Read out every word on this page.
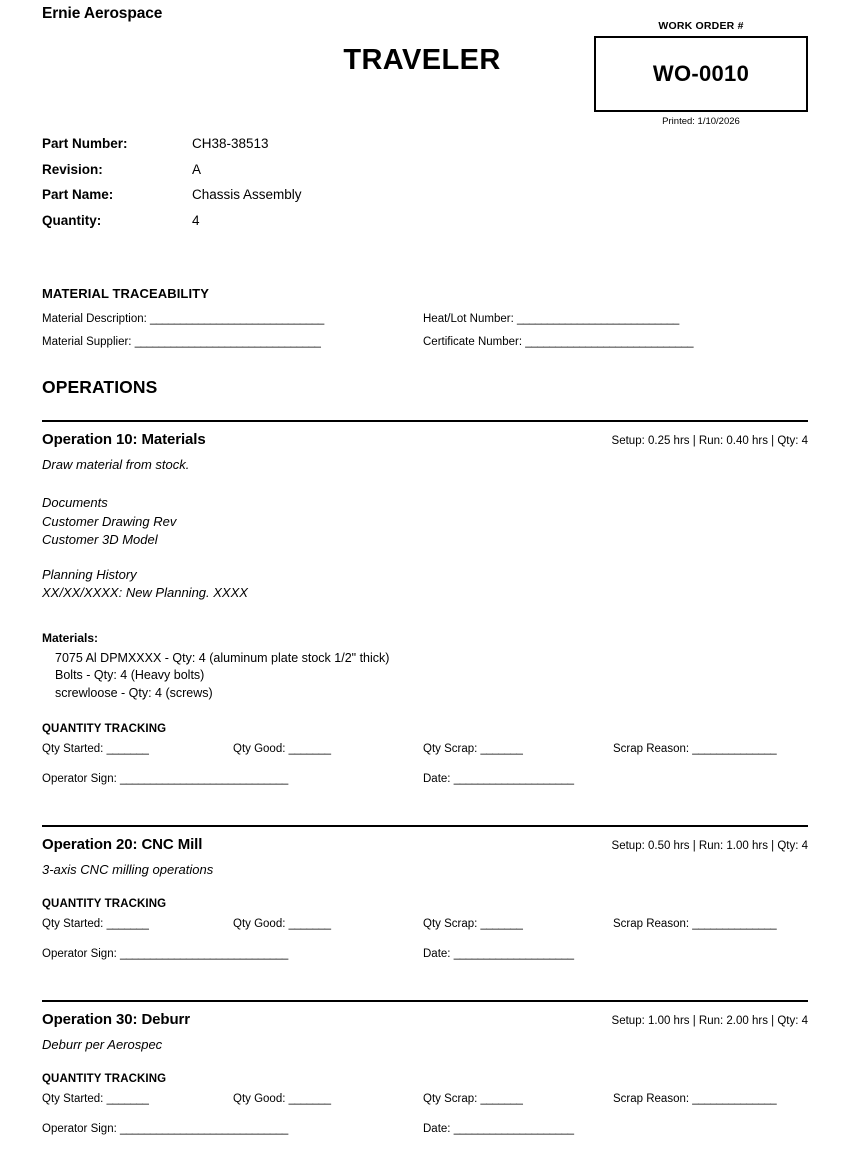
Ernie Aerospace
TRAVELER
WORK ORDER #
WO-0010
Printed: 1/10/2026
Part Number:	CH38-38513
Revision:	A
Part Name:	Chassis Assembly
Quantity:	4
MATERIAL TRACEABILITY
Material Description: _____________________________	Heat/Lot Number: ___________________________
Material Supplier: _______________________________	Certificate Number: ____________________________
OPERATIONS
Operation 10: Materials	Setup: 0.25 hrs | Run: 0.40 hrs | Qty: 4
Draw material from stock.
Documents
Customer Drawing Rev
Customer 3D Model
Planning History
XX/XX/XXXX: New Planning. XXXX
Materials:
7075 Al DPMXXXX - Qty: 4 (aluminum plate stock 1/2" thick)
Bolts - Qty: 4 (Heavy bolts)
screwloose - Qty: 4 (screws)
QUANTITY TRACKING
Qty Started: _______	Qty Good: _______	Qty Scrap: _______	Scrap Reason: ______________
Operator Sign: ____________________________	Date: ____________________
Operation 20: CNC Mill	Setup: 0.50 hrs | Run: 1.00 hrs | Qty: 4
3-axis CNC milling operations
QUANTITY TRACKING
Qty Started: _______	Qty Good: _______	Qty Scrap: _______	Scrap Reason: ______________
Operator Sign: ____________________________	Date: ____________________
Operation 30: Deburr	Setup: 1.00 hrs | Run: 2.00 hrs | Qty: 4
Deburr per Aerospec
QUANTITY TRACKING
Qty Started: _______	Qty Good: _______	Qty Scrap: _______	Scrap Reason: ______________
Operator Sign: ____________________________	Date: ____________________
